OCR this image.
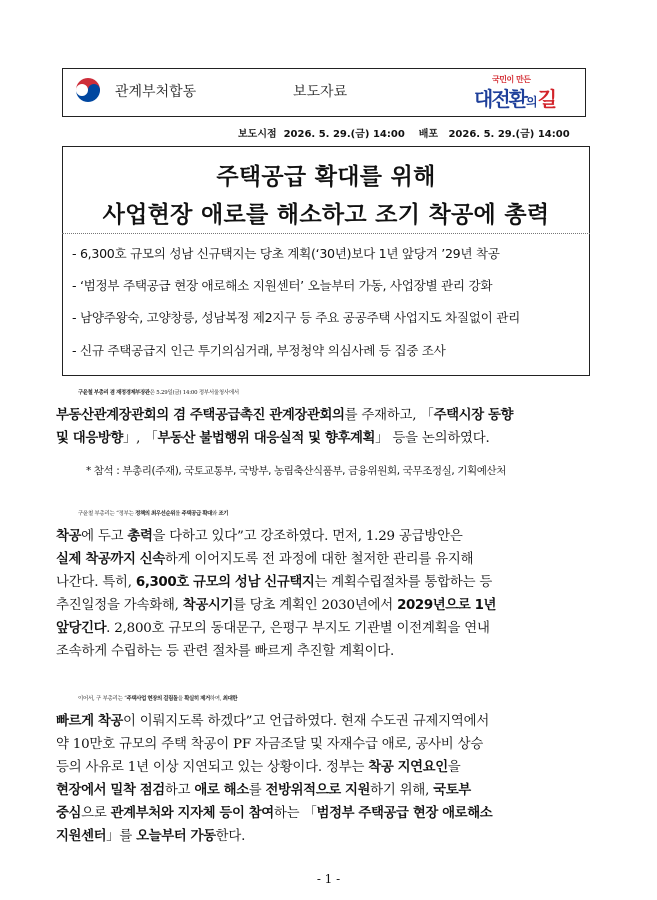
관계부처합동	보도자료
국민이 만든
대전환의 길
보도시점  2026. 5. 29.(금) 14:00    배포   2026. 5. 29.(금) 14:00
주택공급 확대를 위해
사업현장 애로를 해소하고 조기 착공에 총력
- 6,300호 규모의 성남 신규택지는 당초 계획(‘30년)보다 1년 앞당겨 ’29년 착공
- ‘범정부 주택공급 현장 애로해소 지원센터’ 오늘부터 가동, 사업장별 관리 강화
- 남양주왕숙, 고양창릉, 성남복정 제2지구 등 주요 공공주택 사업지도 차질없이 관리
- 신규 주택공급지 인근 투기의심거래, 부정청약 의심사례 등 집중 조사
구윤철 부총리 겸 재정경제부장관은 5.29일(금) 14:00 정부서울청사에서
부동산관계장관회의 겸 주택공급촉진 관계장관회의를 주재하고, 「주택시장 동향
및 대응방향」, 「부동산 불법행위 대응실적 및 향후계획」 등을 논의하였다.
* 참석 : 부총리(주재), 국토교통부, 국방부, 농림축산식품부, 금융위원회, 국무조정실, 기획예산처
구윤철 부총리는 “정부는 정책의 최우선순위를 주택공급 확대와 조기
착공에 두고 총력을 다하고 있다”고 강조하였다. 먼저, 1.29 공급방안은
실제 착공까지 신속하게 이어지도록 전 과정에 대한 철저한 관리를 유지해
나간다. 특히, 6,300호 규모의 성남 신규택지는 계획수립절차를 통합하는 등
추진일정을 가속화해, 착공시기를 당초 계획인 2030년에서 2029년으로 1년
앞당긴다. 2,800호 규모의 동대문구, 은평구 부지도 기관별 이전계획을 연내
조속하게 수립하는 등 관련 절차를 빠르게 추진할 계획이다.
이어서, 구 부총리는 “주택사업 현장의 걸림돌을 확실히 제거하여, 최대한
빠르게 착공이 이뤄지도록 하겠다”고 언급하였다. 현재 수도권 규제지역에서
약 10만호 규모의 주택 착공이 PF 자금조달 및 자재수급 애로, 공사비 상승
등의 사유로 1년 이상 지연되고 있는 상황이다. 정부는 착공 지연요인을
현장에서 밀착 점검하고 애로 해소를 전방위적으로 지원하기 위해, 국토부
중심으로 관계부처와 지자체 등이 참여하는 「범정부 주택공급 현장 애로해소
지원센터」를 오늘부터 가동한다.
- 1 -
